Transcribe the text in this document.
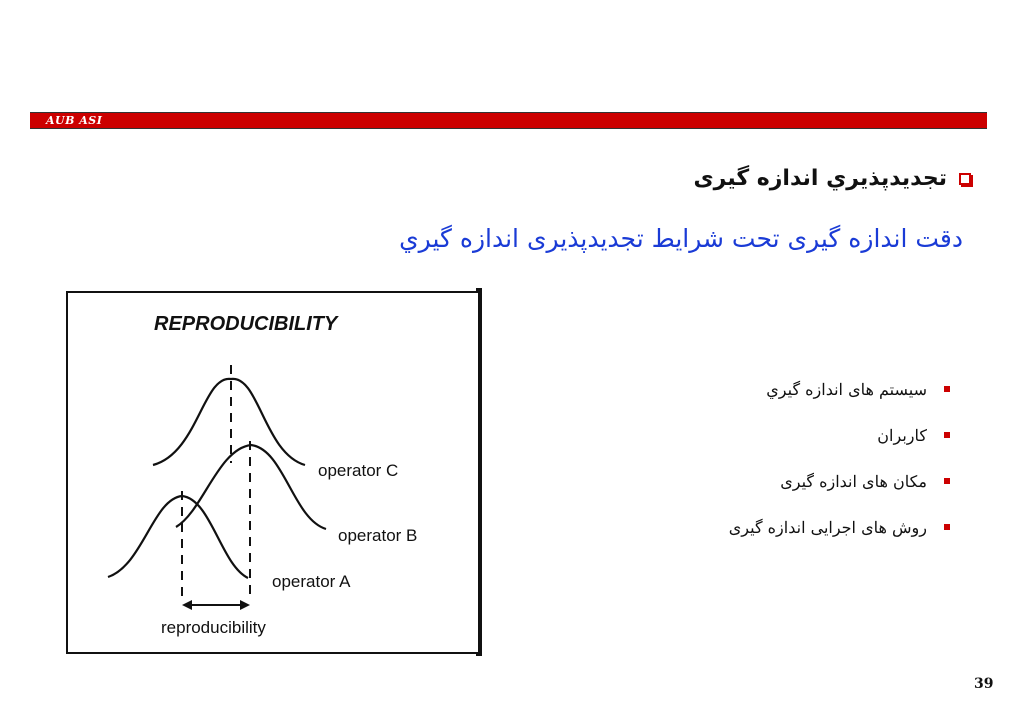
AUB ASI
تجديدپذيري اندازه گيری
دقت اندازه گيری تحت شرايط تجديدپذيری اندازه گيري
REPRODUCIBILITY
operator C
operator B
operator A
reproducibility
سيستم های اندازه گيري
کاربران
مکان های اندازه گيری
روش های اجرايی اندازه گيری
39
